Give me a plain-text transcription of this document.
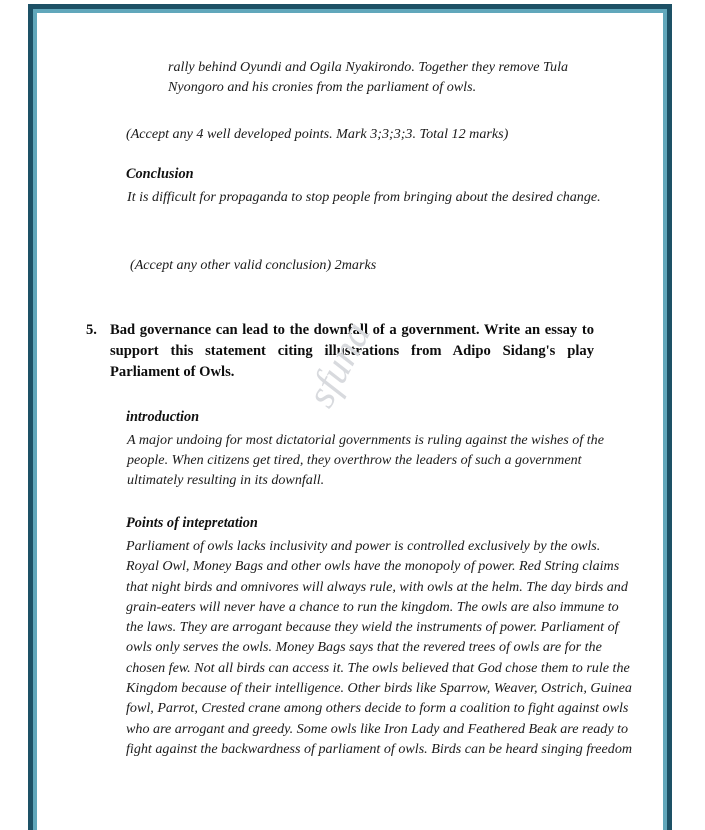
sfuna
rally behind Oyundi and Ogila Nyakirondo. Together they remove Tula Nyongoro and his cronies from the parliament of owls.
(Accept any 4 well developed points. Mark 3;3;3;3. Total 12 marks)
Conclusion
It is difficult for propaganda to stop people from bringing about the desired change.
(Accept any other valid conclusion) 2marks
5. Bad governance can lead to the downfall of a government. Write an essay to support this statement citing illustrations from Adipo Sidang's play Parliament of Owls.
introduction
A major undoing for most dictatorial governments is ruling against the wishes of the people. When citizens get tired, they overthrow the leaders of such a government ultimately resulting in its downfall.
Points of intepretation
Parliament of owls lacks inclusivity and power is controlled exclusively by the owls. Royal Owl, Money Bags and other owls have the monopoly of power. Red String claims that night birds and omnivores will always rule, with owls at the helm. The day birds and grain-eaters will never have a chance to run the kingdom. The owls are also immune to the laws. They are arrogant because they wield the instruments of power. Parliament of owls only serves the owls. Money Bags says that the revered trees of owls are for the chosen few. Not all birds can access it. The owls believed that God chose them to rule the Kingdom because of their intelligence. Other birds like Sparrow, Weaver, Ostrich, Guinea fowl, Parrot, Crested crane among others decide to form a coalition to fight against owls who are arrogant and greedy. Some owls like Iron Lady and Feathered Beak are ready to fight against the backwardness of parliament of owls. Birds can be heard singing freedom
